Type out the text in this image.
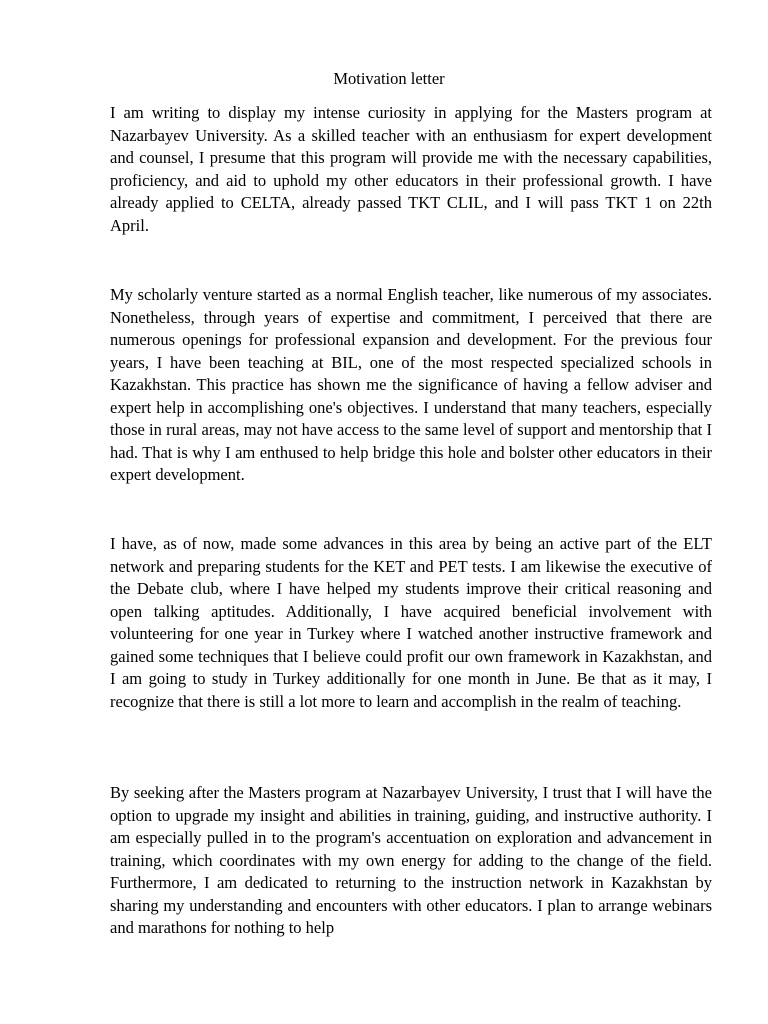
Motivation letter

I am writing to display my intense curiosity in applying for the Masters program at Nazarbayev University. As a skilled teacher with an enthusiasm for expert development and counsel, I presume that this program will provide me with the necessary capabilities, proficiency, and aid to uphold my other educators in their professional growth. I have already applied to CELTA, already passed TKT CLIL, and I will pass TKT 1 on 22th April.

My scholarly venture started as a normal English teacher, like numerous of my associates. Nonetheless, through years of expertise and commitment, I perceived that there are numerous openings for professional expansion and development. For the previous four years, I have been teaching at BIL, one of the most respected specialized schools in Kazakhstan. This practice has shown me the significance of having a fellow adviser and expert help in accomplishing one's objectives. I understand that many teachers, especially those in rural areas, may not have access to the same level of support and mentorship that I had. That is why I am enthused to help bridge this hole and bolster other educators in their expert development.

I have, as of now, made some advances in this area by being an active part of the ELT network and preparing students for the KET and PET tests. I am likewise the executive of the Debate club, where I have helped my students improve their critical reasoning and open talking aptitudes. Additionally, I have acquired beneficial involvement with volunteering for one year in Turkey where I watched another instructive framework and gained some techniques that I believe could profit our own framework in Kazakhstan, and I am going to study in Turkey additionally for one month in June. Be that as it may, I recognize that there is still a lot more to learn and accomplish in the realm of teaching.

By seeking after the Masters program at Nazarbayev University, I trust that I will have the option to upgrade my insight and abilities in training, guiding, and instructive authority. I am especially pulled in to the program's accentuation on exploration and advancement in training, which coordinates with my own energy for adding to the change of the field. Furthermore, I am dedicated to returning to the instruction network in Kazakhstan by sharing my understanding and encounters with other educators. I plan to arrange webinars and marathons for nothing to help
